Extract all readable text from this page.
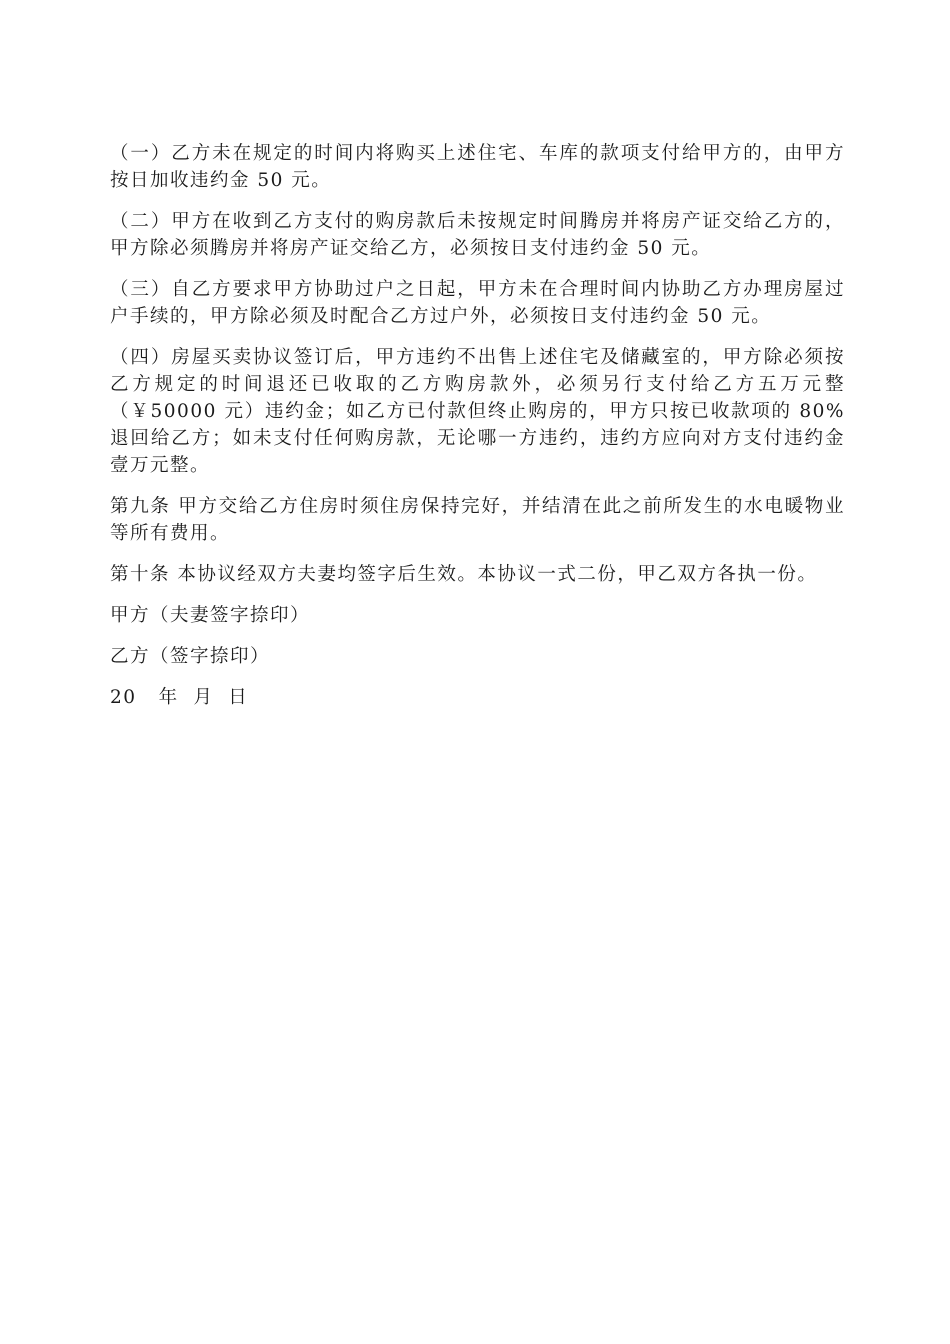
（一）乙方未在规定的时间内将购买上述住宅、车库的款项支付给甲方的，由甲方按日加收违约金 50 元。

（二）甲方在收到乙方支付的购房款后未按规定时间腾房并将房产证交给乙方的，甲方除必须腾房并将房产证交给乙方，必须按日支付违约金 50 元。

（三）自乙方要求甲方协助过户之日起，甲方未在合理时间内协助乙方办理房屋过户手续的，甲方除必须及时配合乙方过户外，必须按日支付违约金 50 元。

（四）房屋买卖协议签订后，甲方违约不出售上述住宅及储藏室的，甲方除必须按乙方规定的时间退还已收取的乙方购房款外，必须另行支付给乙方五万元整（￥50000 元）违约金；如乙方已付款但终止购房的，甲方只按已收款项的 80%退回给乙方；如未支付任何购房款，无论哪一方违约，违约方应向对方支付违约金壹万元整。

第九条 甲方交给乙方住房时须住房保持完好，并结清在此之前所发生的水电暖物业等所有费用。

第十条 本协议经双方夫妻均签字后生效。本协议一式二份，甲乙双方各执一份。

甲方（夫妻签字捺印）

乙方（签字捺印）

20   年  月  日
